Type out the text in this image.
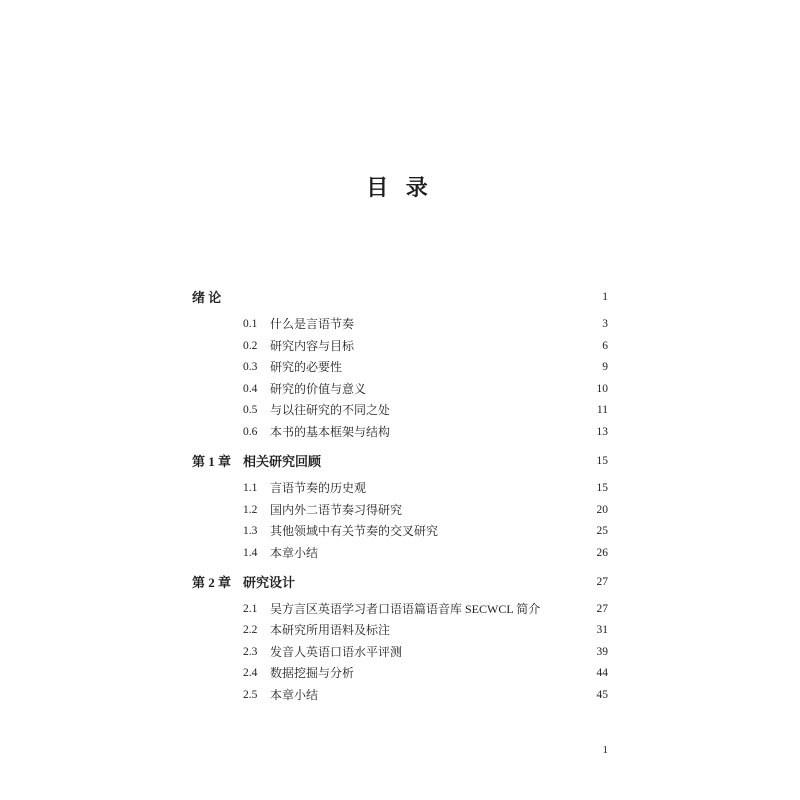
目 录
绪 论	1
0.1 什么是言语节奏	3
0.2 研究内容与目标	6
0.3 研究的必要性	9
0.4 研究的价值与意义	10
0.5 与以往研究的不同之处	11
0.6 本书的基本框架与结构	13
第 1 章 相关研究回顾	15
1.1 言语节奏的历史观	15
1.2 国内外二语节奏习得研究	20
1.3 其他领域中有关节奏的交叉研究	25
1.4 本章小结	26
第 2 章 研究设计	27
2.1 吴方言区英语学习者口语语篇语音库 SECWCL 简介	27
2.2 本研究所用语料及标注	31
2.3 发音人英语口语水平评测	39
2.4 数据挖掘与分析	44
2.5 本章小结	45
1
